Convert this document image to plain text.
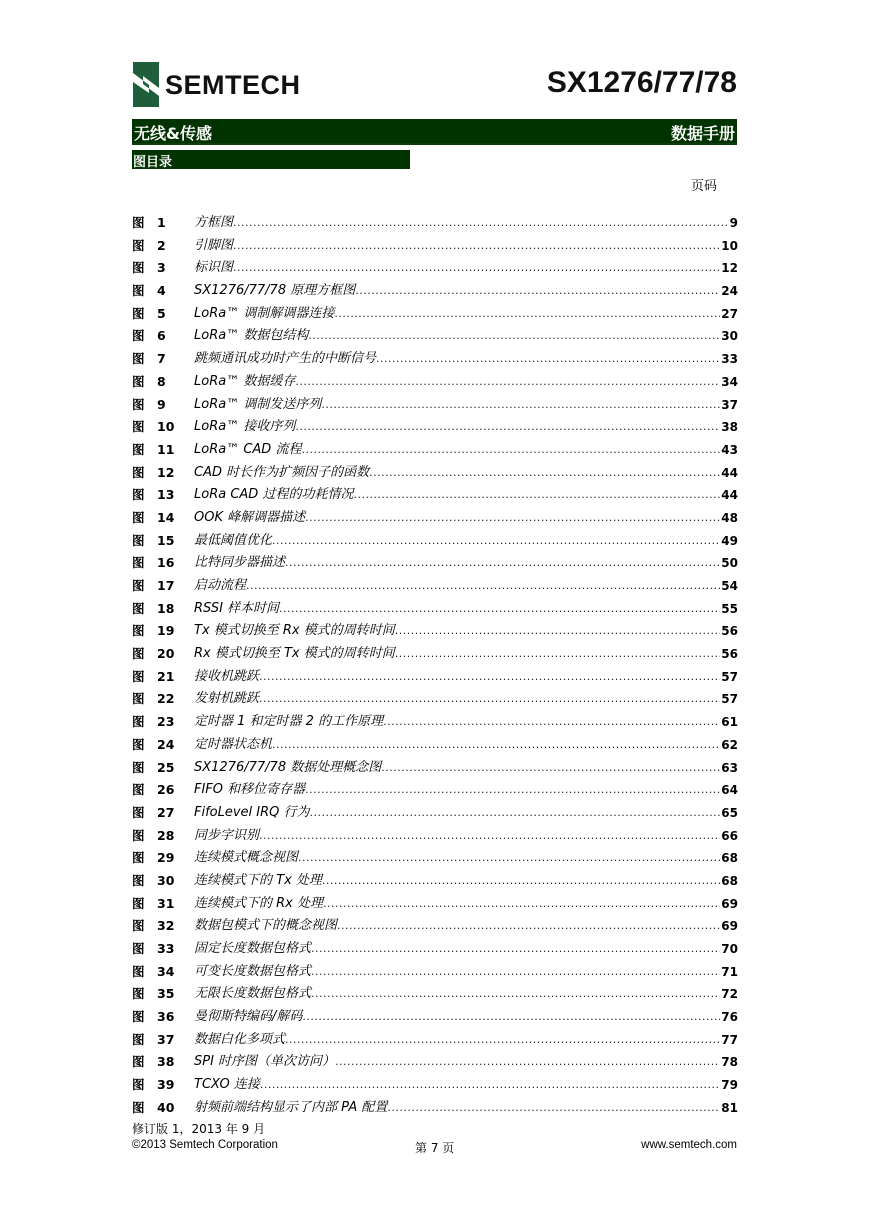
SEMTECH	SX1276/77/78
无线&传感	数据手册
图目录
页码
图 1 方框图 .....	9
图 2 引脚图 .....	10
图 3 标识图 .....	12
图 4 SX1276/77/78 原理方框图 .....	24
图 5 LoRa™ 调制解调器连接 .....	27
图 6 LoRa™ 数据包结构 .....	30
图 7 跳频通讯成功时产生的中断信号 .....	33
图 8 LoRa™ 数据缓存 .....	34
图 9 LoRa™ 调制发送序列 .....	37
图 10 LoRa™ 接收序列 .....	38
图 11 LoRa™ CAD 流程 .....	43
图 12 CAD 时长作为扩频因子的函数 .....	44
图 13 LoRa CAD 过程的功耗情况 .....	44
图 14 OOK 峰解调器描述 .....	48
图 15 最低阈值优化 .....	49
图 16 比特同步器描述 .....	50
图 17 启动流程 .....	54
图 18 RSSI 样本时间 .....	55
图 19 Tx 模式切换至 Rx 模式的周转时间 .....	56
图 20 Rx 模式切换至 Tx 模式的周转时间 .....	56
图 21 接收机跳跃 .....	57
图 22 发射机跳跃 .....	57
图 23 定时器 1 和定时器 2 的工作原理 .....	61
图 24 定时器状态机 .....	62
图 25 SX1276/77/78 数据处理概念图 .....	63
图 26 FIFO 和移位寄存器 .....	64
图 27 FifoLevel IRQ 行为 .....	65
图 28 同步字识别 .....	66
图 29 连续模式概念视图 .....	68
图 30 连续模式下的 Tx 处理 .....	68
图 31 连续模式下的 Rx 处理 .....	69
图 32 数据包模式下的概念视图 .....	69
图 33 固定长度数据包格式 .....	70
图 34 可变长度数据包格式 .....	71
图 35 无限长度数据包格式 .....	72
图 36 曼彻斯特编码/解码 .....	76
图 37 数据白化多项式 .....	77
图 38 SPI 时序图（单次访问） .....	78
图 39 TCXO 连接 .....	79
图 40 射频前端结构显示了内部 PA 配置 .....	81
修订版 1，2013 年 9 月
©2013 Semtech Corporation	第 7 页	www.semtech.com
